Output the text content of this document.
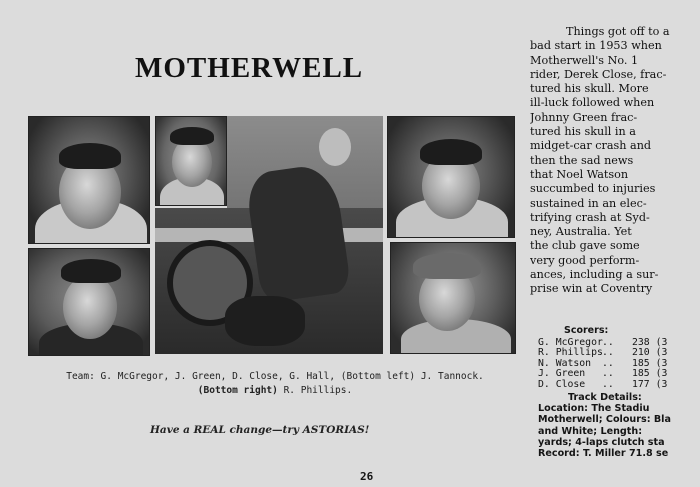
MOTHERWELL
Team: G. McGregor, J. Green, D. Close, G. Hall, (Bottom left) J. Tannock.
(Bottom right) R. Phillips.
Have a REAL change—try ASTORIAS!
26
Things got off to a
bad start in 1953 when
Motherwell's No. 1
rider, Derek Close, frac-
tured his skull. More
ill-luck followed when
Johnny Green frac-
tured his skull in a
midget-car crash and
then the sad news
that Noel Watson
succumbed to injuries
sustained in an elec-
trifying crash at Syd-
ney, Australia. Yet
the club gave some
very good perform-
ances, including a sur-
prise win at Coventry
Scorers:
G. McGregor.. 238 (3
R. Phillips.. 210 (3
N. Watson .. 185 (3
J. Green .. 185 (3
D. Close .. 177 (3
Track Details:
Location: The Stadiu
Motherwell; Colours: Bla
and White; Length:
yards; 4-laps clutch sta
Record: T. Miller 71.8 se
